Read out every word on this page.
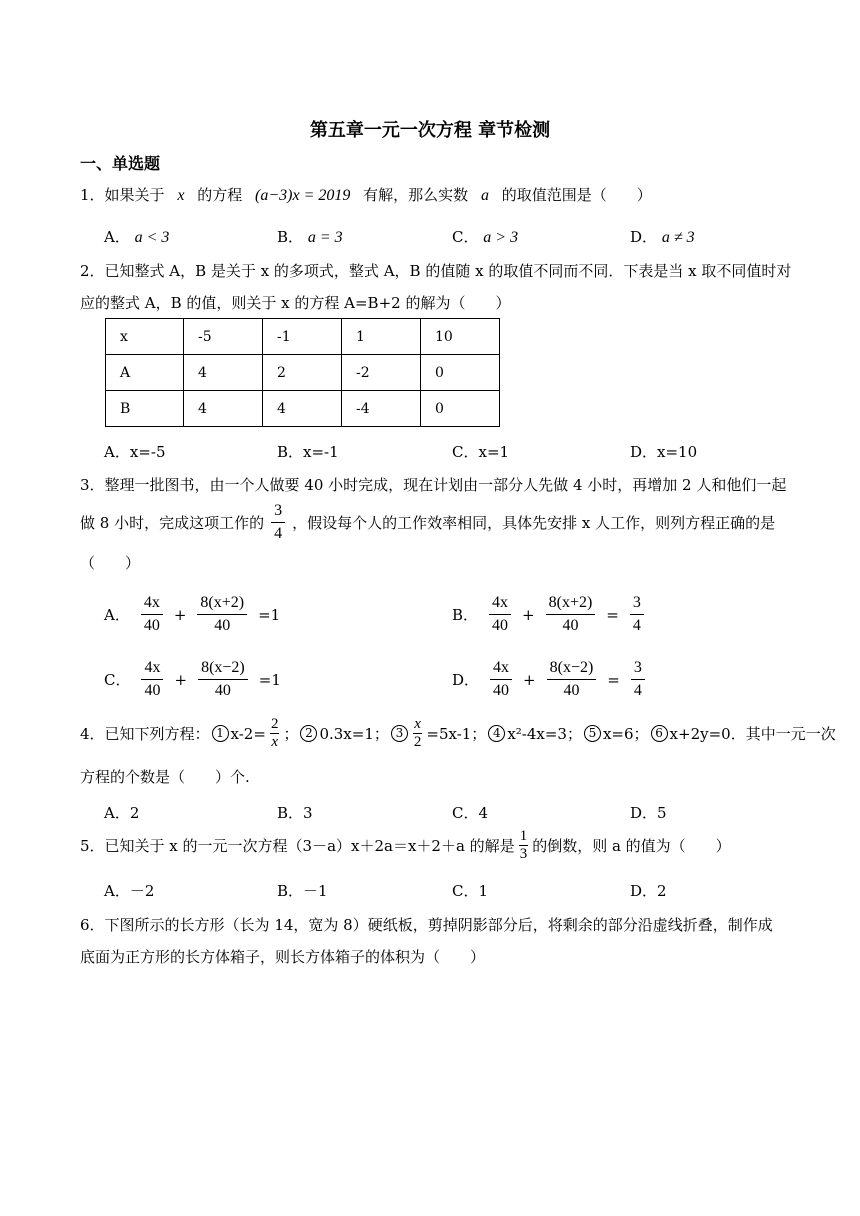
第五章一元一次方程 章节检测
一、单选题
1．如果关于 x 的方程 (a−3)x = 2019 有解，那么实数 a 的取值范围是（　　）
A． a < 3	B． a = 3	C． a > 3	D． a ≠ 3
2．已知整式 A，B 是关于 x 的多项式，整式 A，B 的值随 x 的取值不同而不同．下表是当 x 取不同值时对
应的整式 A，B 的值，则关于 x 的方程 A=B+2 的解为（　　）
x	-5	-1	1	10
A	4	2	-2	0
B	4	4	-4	0
A．x=-5	B．x=-1	C．x=1	D．x=10
3．整理一批图书，由一个人做要 40 小时完成，现在计划由一部分人先做 4 小时，再增加 2 人和他们一起
做 8 小时，完成这项工作的 $\frac{3}{4}$ ，假设每个人的工作效率相同，具体先安排 x 人工作，则列方程正确的是
（　　）
A． $\frac{4x}{40} + \frac{8(x+2)}{40} =1$	B． $\frac{4x}{40} + \frac{8(x+2)}{40} = \frac{3}{4}$
C． $\frac{4x}{40} + \frac{8(x-2)}{40} =1$	D． $\frac{4x}{40} + \frac{8(x-2)}{40} = \frac{3}{4}$
4．已知下列方程： 1 $x-2= \frac{2}{x}$ ； 2 0.3x=1； $3 \frac{x}{2} =5x-1$； 4 x²-4x=3； 5 x=6； 6 x+2y=0．其中一元一次
方程的个数是（　　）个.
A．2	B．3	C．4	D．5
5．已知关于 x 的一元一次方程（3－a）x＋2a＝x＋2＋a 的解是 $\frac{1}{3}$ 的倒数，则 a 的值为（　　）
A．－2	B．－1	C．1	D．2
6．下图所示的长方形（长为 14，宽为 8）硬纸板，剪掉阴影部分后，将剩余的部分沿虚线折叠，制作成
底面为正方形的长方体箱子，则长方体箱子的体积为（　　）
